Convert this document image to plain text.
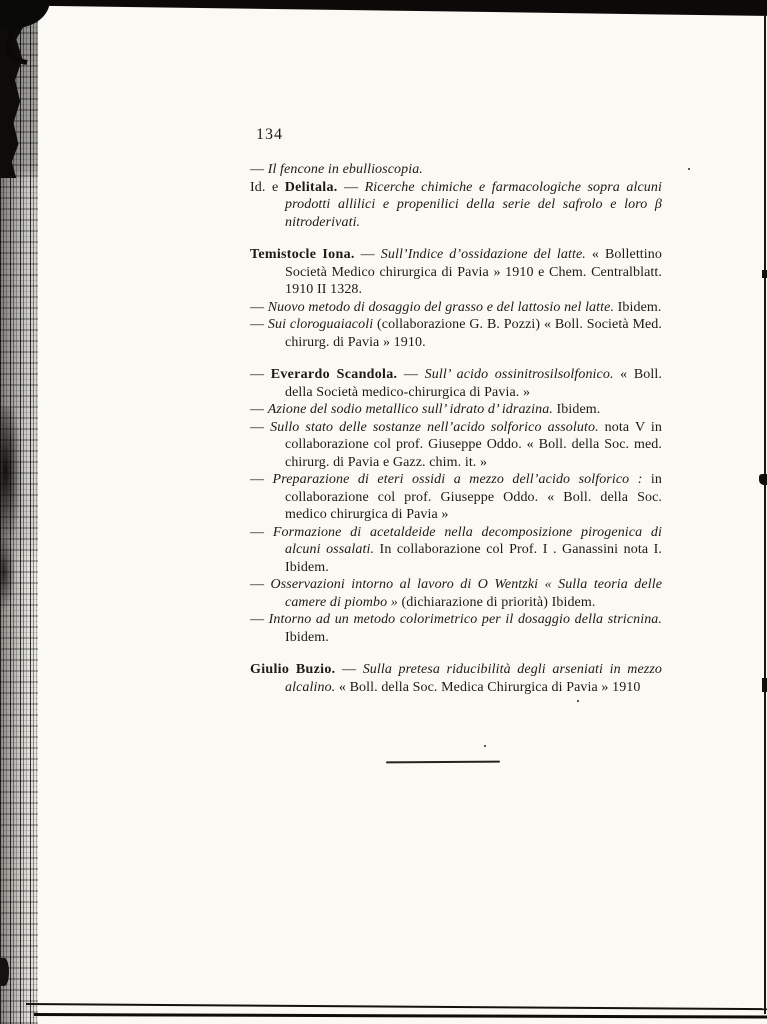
134

— Il fencone in ebullioscopia.

Id. e Delitala. — Ricerche chimiche e farmacologiche sopra alcuni prodotti allilici e propenilici della serie del safrolo e loro β nitroderivati.

Temistocle Iona. — Sull’Indice d’ossidazione del latte. « Bollettino Società Medico chirurgica di Pavia » 1910 e Chem. Centralblatt. 1910 II 1328.

— Nuovo metodo di dosaggio del grasso e del lattosio nel latte. Ibidem.

— Sui cloroguaiacoli (collaborazione G. B. Pozzi) « Boll. Società Med. chirurg. di Pavia » 1910.

— Everardo Scandola. — Sull’ acido ossinitrosilsolfonico. « Boll. della Società medico-chirurgica di Pavia. »

— Azione del sodio metallico sull’ idrato d’ idrazina. Ibidem.

— Sullo stato delle sostanze nell’acido solforico assoluto. nota V in collaborazione col prof. Giuseppe Oddo. « Boll. della Soc. med. chirurg. di Pavia e Gazz. chim. it. »

— Preparazione di eteri ossidi a mezzo dell’acido solforico : in collaborazione col prof. Giuseppe Oddo. « Boll. della Soc. medico chirurgica di Pavia »

— Formazione di acetaldeide nella decomposizione pirogenica di alcuni ossalati. In collaborazione col Prof. I . Ganassini nota I. Ibidem.

— Osservazioni intorno al lavoro di O Wentzki « Sulla teoria delle camere di piombo » (dichiarazione di priorità) Ibidem.

— Intorno ad un metodo colorimetrico per il dosaggio della stricnina. Ibidem.

Giulio Buzio. — Sulla pretesa riducibilità degli arseniati in mezzo alcalino. « Boll. della Soc. Medica Chirurgica di Pavia » 1910
